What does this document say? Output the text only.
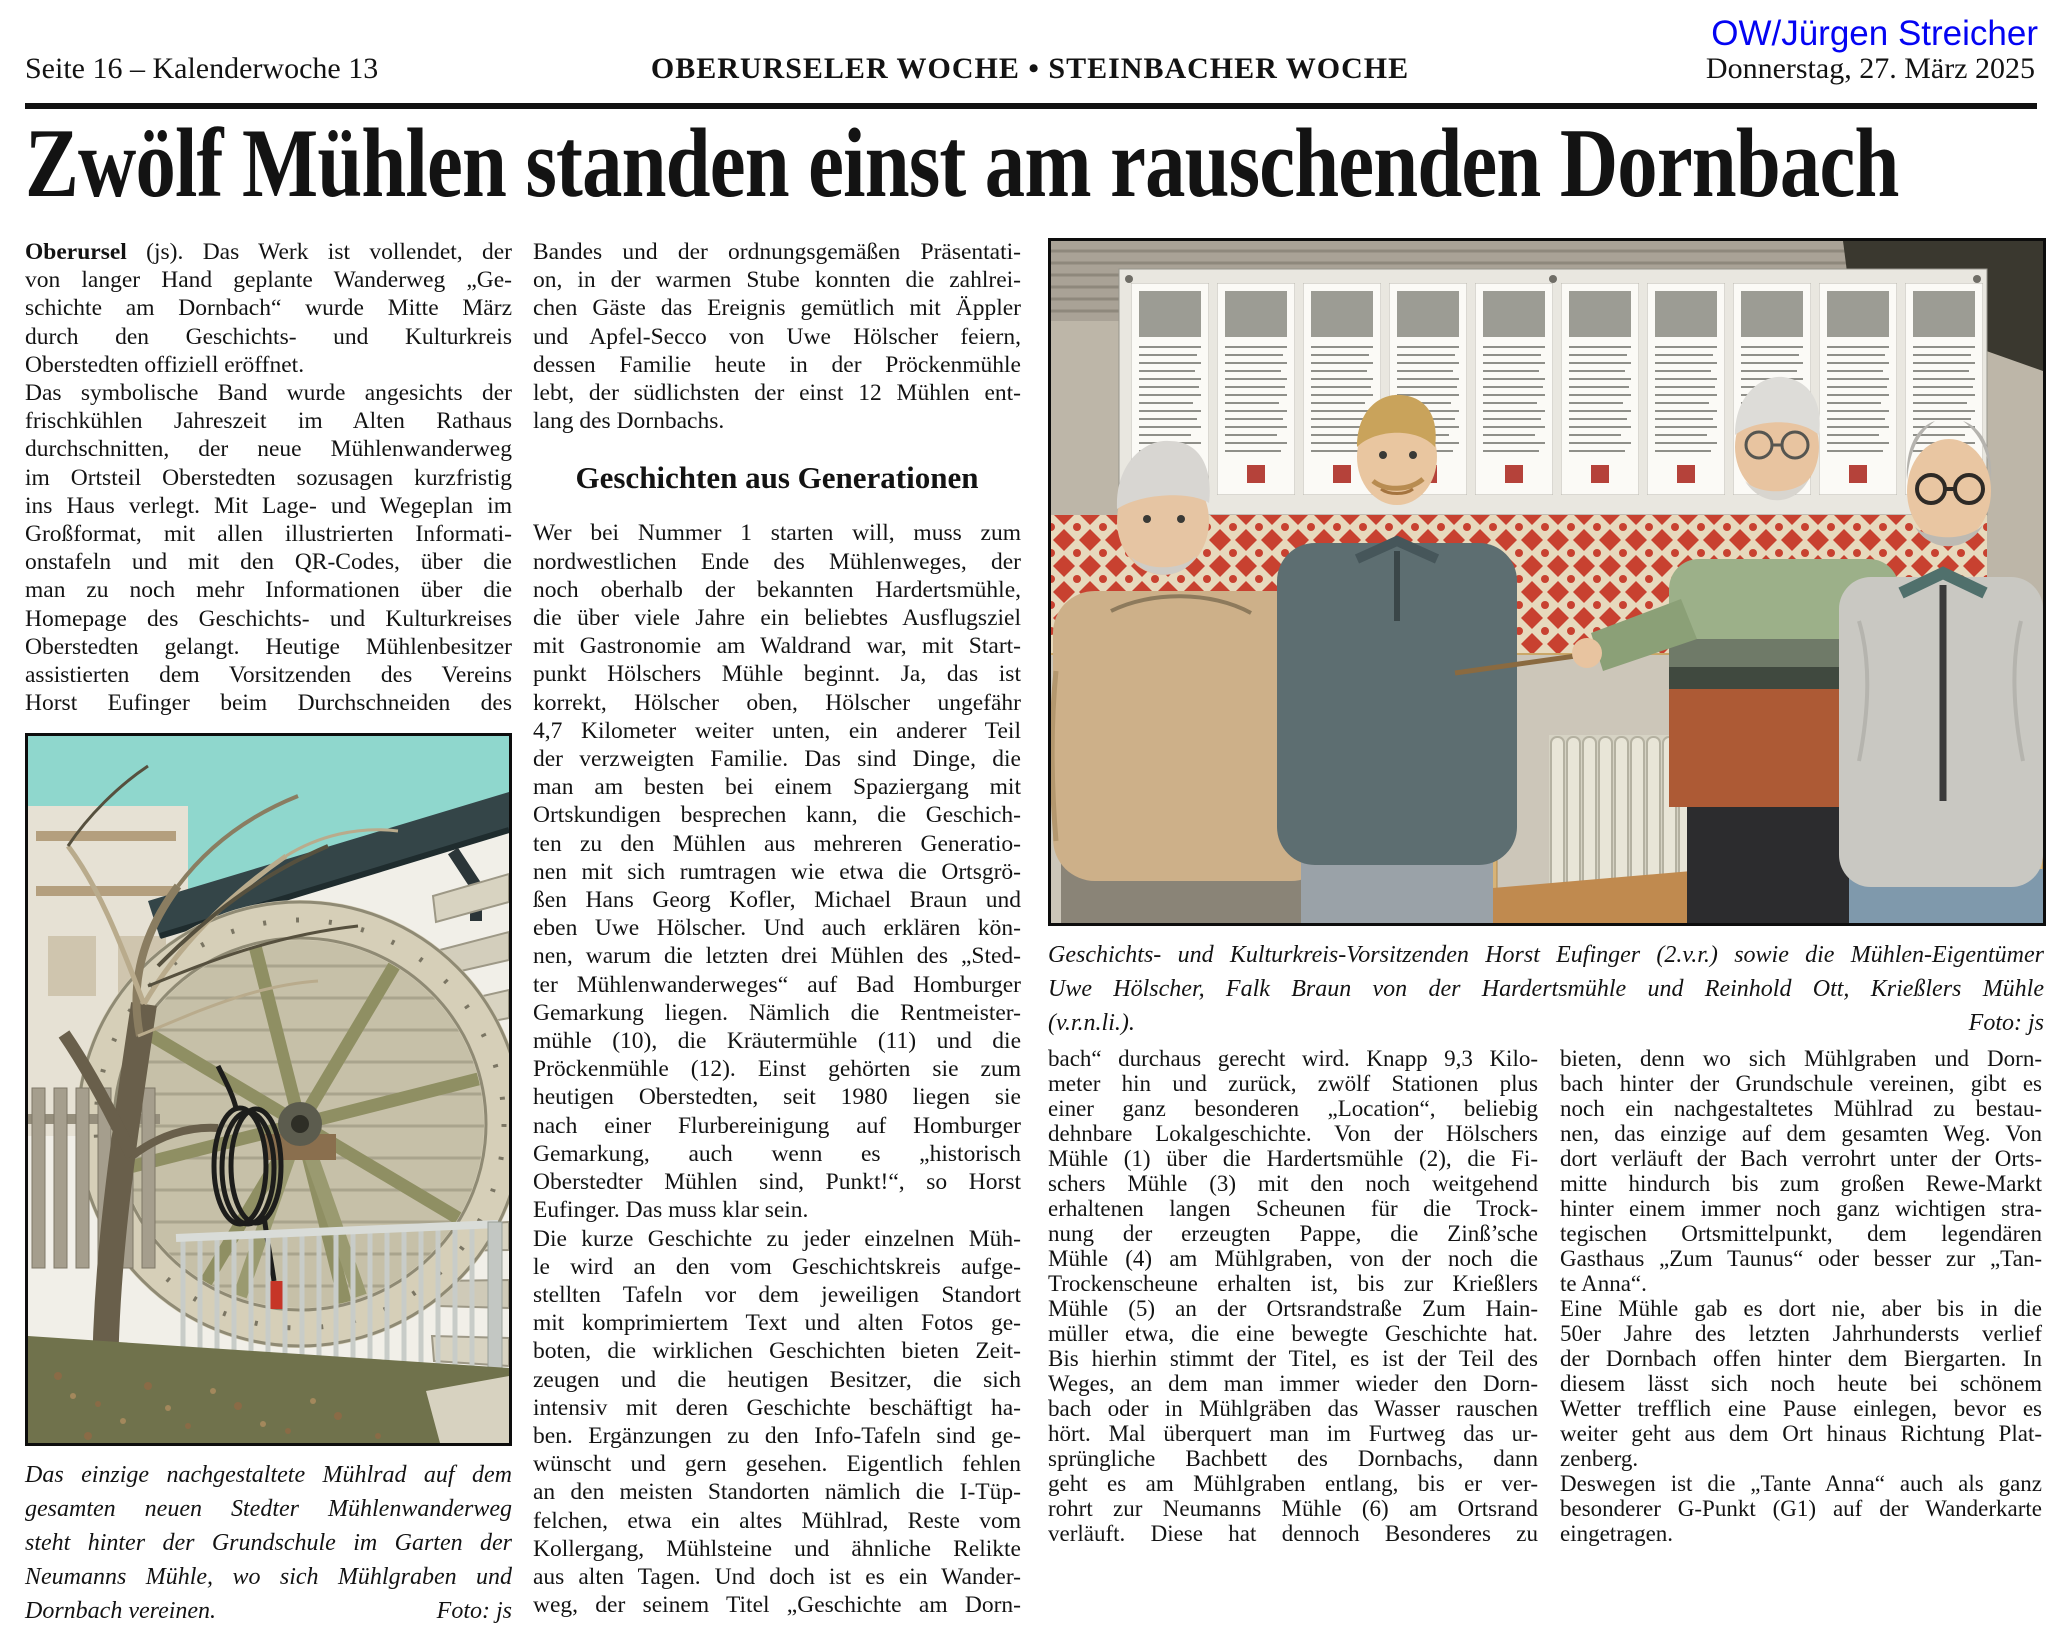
OW/Jürgen Streicher
Seite 16 – Kalenderwoche 13	OBERURSELER WOCHE • STEINBACHER WOCHE	Donnerstag, 27. März 2025
Zwölf Mühlen standen einst am rauschenden Dornbach
Oberursel (js). Das Werk ist vollendet, der
von langer Hand geplante Wanderweg „Ge-
schichte am Dornbach“ wurde Mitte März
durch den Geschichts- und Kulturkreis
Oberstedten offiziell eröffnet.
Das symbolische Band wurde angesichts der
frischkühlen Jahreszeit im Alten Rathaus
durchschnitten, der neue Mühlenwanderweg
im Ortsteil Oberstedten sozusagen kurzfristig
ins Haus verlegt. Mit Lage- und Wegeplan im
Großformat, mit allen illustrierten Informati-
onstafeln und mit den QR-Codes, über die
man zu noch mehr Informationen über die
Homepage des Geschichts- und Kulturkreises
Oberstedten gelangt. Heutige Mühlenbesitzer
assistierten dem Vorsitzenden des Vereins
Horst Eufinger beim Durchschneiden des
Bandes und der ordnungsgemäßen Präsentati-
on, in der warmen Stube konnten die zahlrei-
chen Gäste das Ereignis gemütlich mit Äppler
und Apfel-Secco von Uwe Hölscher feiern,
dessen Familie heute in der Pröckenmühle
lebt, der südlichsten der einst 12 Mühlen ent-
lang des Dornbachs.
Geschichten aus Generationen
Wer bei Nummer 1 starten will, muss zum
nordwestlichen Ende des Mühlenweges, der
noch oberhalb der bekannten Hardertsmühle,
die über viele Jahre ein beliebtes Ausflugsziel
mit Gastronomie am Waldrand war, mit Start-
punkt Hölschers Mühle beginnt. Ja, das ist
korrekt, Hölscher oben, Hölscher ungefähr
4,7 Kilometer weiter unten, ein anderer Teil
der verzweigten Familie. Das sind Dinge, die
man am besten bei einem Spaziergang mit
Ortskundigen besprechen kann, die Geschich-
ten zu den Mühlen aus mehreren Generatio-
nen mit sich rumtragen wie etwa die Ortsgrö-
ßen Hans Georg Kofler, Michael Braun und
eben Uwe Hölscher. Und auch erklären kön-
nen, warum die letzten drei Mühlen des „Sted-
ter Mühlenwanderweges“ auf Bad Homburger
Gemarkung liegen. Nämlich die Rentmeister-
mühle (10), die Kräutermühle (11) und die
Pröckenmühle (12). Einst gehörten sie zum
heutigen Oberstedten, seit 1980 liegen sie
nach einer Flurbereinigung auf Homburger
Gemarkung, auch wenn es „historisch
Oberstedter Mühlen sind, Punkt!“, so Horst
Eufinger. Das muss klar sein.
Die kurze Geschichte zu jeder einzelnen Müh-
le wird an den vom Geschichtskreis aufge-
stellten Tafeln vor dem jeweiligen Standort
mit komprimiertem Text und alten Fotos ge-
boten, die wirklichen Geschichten bieten Zeit-
zeugen und die heutigen Besitzer, die sich
intensiv mit deren Geschichte beschäftigt ha-
ben. Ergänzungen zu den Info-Tafeln sind ge-
wünscht und gern gesehen. Eigentlich fehlen
an den meisten Standorten nämlich die I-Tüp-
felchen, etwa ein altes Mühlrad, Reste vom
Kollergang, Mühlsteine und ähnliche Relikte
aus alten Tagen. Und doch ist es ein Wander-
weg, der seinem Titel „Geschichte am Dorn-
bach“ durchaus gerecht wird. Knapp 9,3 Kilo-
meter hin und zurück, zwölf Stationen plus
einer ganz besonderen „Location“, beliebig
dehnbare Lokalgeschichte. Von der Hölschers
Mühle (1) über die Hardertsmühle (2), die Fi-
schers Mühle (3) mit den noch weitgehend
erhaltenen langen Scheunen für die Trock-
nung der erzeugten Pappe, die Zinß’sche
Mühle (4) am Mühlgraben, von der noch die
Trockenscheune erhalten ist, bis zur Krießlers
Mühle (5) an der Ortsrandstraße Zum Hain-
müller etwa, die eine bewegte Geschichte hat.
Bis hierhin stimmt der Titel, es ist der Teil des
Weges, an dem man immer wieder den Dorn-
bach oder in Mühlgräben das Wasser rauschen
hört. Mal überquert man im Furtweg das ur-
sprüngliche Bachbett des Dornbachs, dann
geht es am Mühlgraben entlang, bis er ver-
rohrt zur Neumanns Mühle (6) am Ortsrand
verläuft. Diese hat dennoch Besonderes zu
bieten, denn wo sich Mühlgraben und Dorn-
bach hinter der Grundschule vereinen, gibt es
noch ein nachgestaltetes Mühlrad zu bestau-
nen, das einzige auf dem gesamten Weg. Von
dort verläuft der Bach verrohrt unter der Orts-
mitte hindurch bis zum großen Rewe-Markt
hinter einem immer noch ganz wichtigen stra-
tegischen Ortsmittelpunkt, dem legendären
Gasthaus „Zum Taunus“ oder besser zur „Tan-
te Anna“.
Eine Mühle gab es dort nie, aber bis in die
50er Jahre des letzten Jahrhundersts verlief
der Dornbach offen hinter dem Biergarten. In
diesem lässt sich noch heute bei schönem
Wetter trefflich eine Pause einlegen, bevor es
weiter geht aus dem Ort hinaus Richtung Plat-
zenberg.
Deswegen ist die „Tante Anna“ auch als ganz
besonderer G-Punkt (G1) auf der Wanderkarte
eingetragen.
Das einzige nachgestaltete Mühlrad auf dem
gesamten neuen Stedter Mühlenwanderweg
steht hinter der Grundschule im Garten der
Neumanns Mühle, wo sich Mühlgraben und
Dornbach vereinen.	Foto: js
Geschichts- und Kulturkreis-Vorsitzenden Horst Eufinger (2.v.r.) sowie die Mühlen-Eigentümer
Uwe Hölscher, Falk Braun von der Hardertsmühle und Reinhold Ott, Krießlers Mühle
(v.r.n.li.).	Foto: js
